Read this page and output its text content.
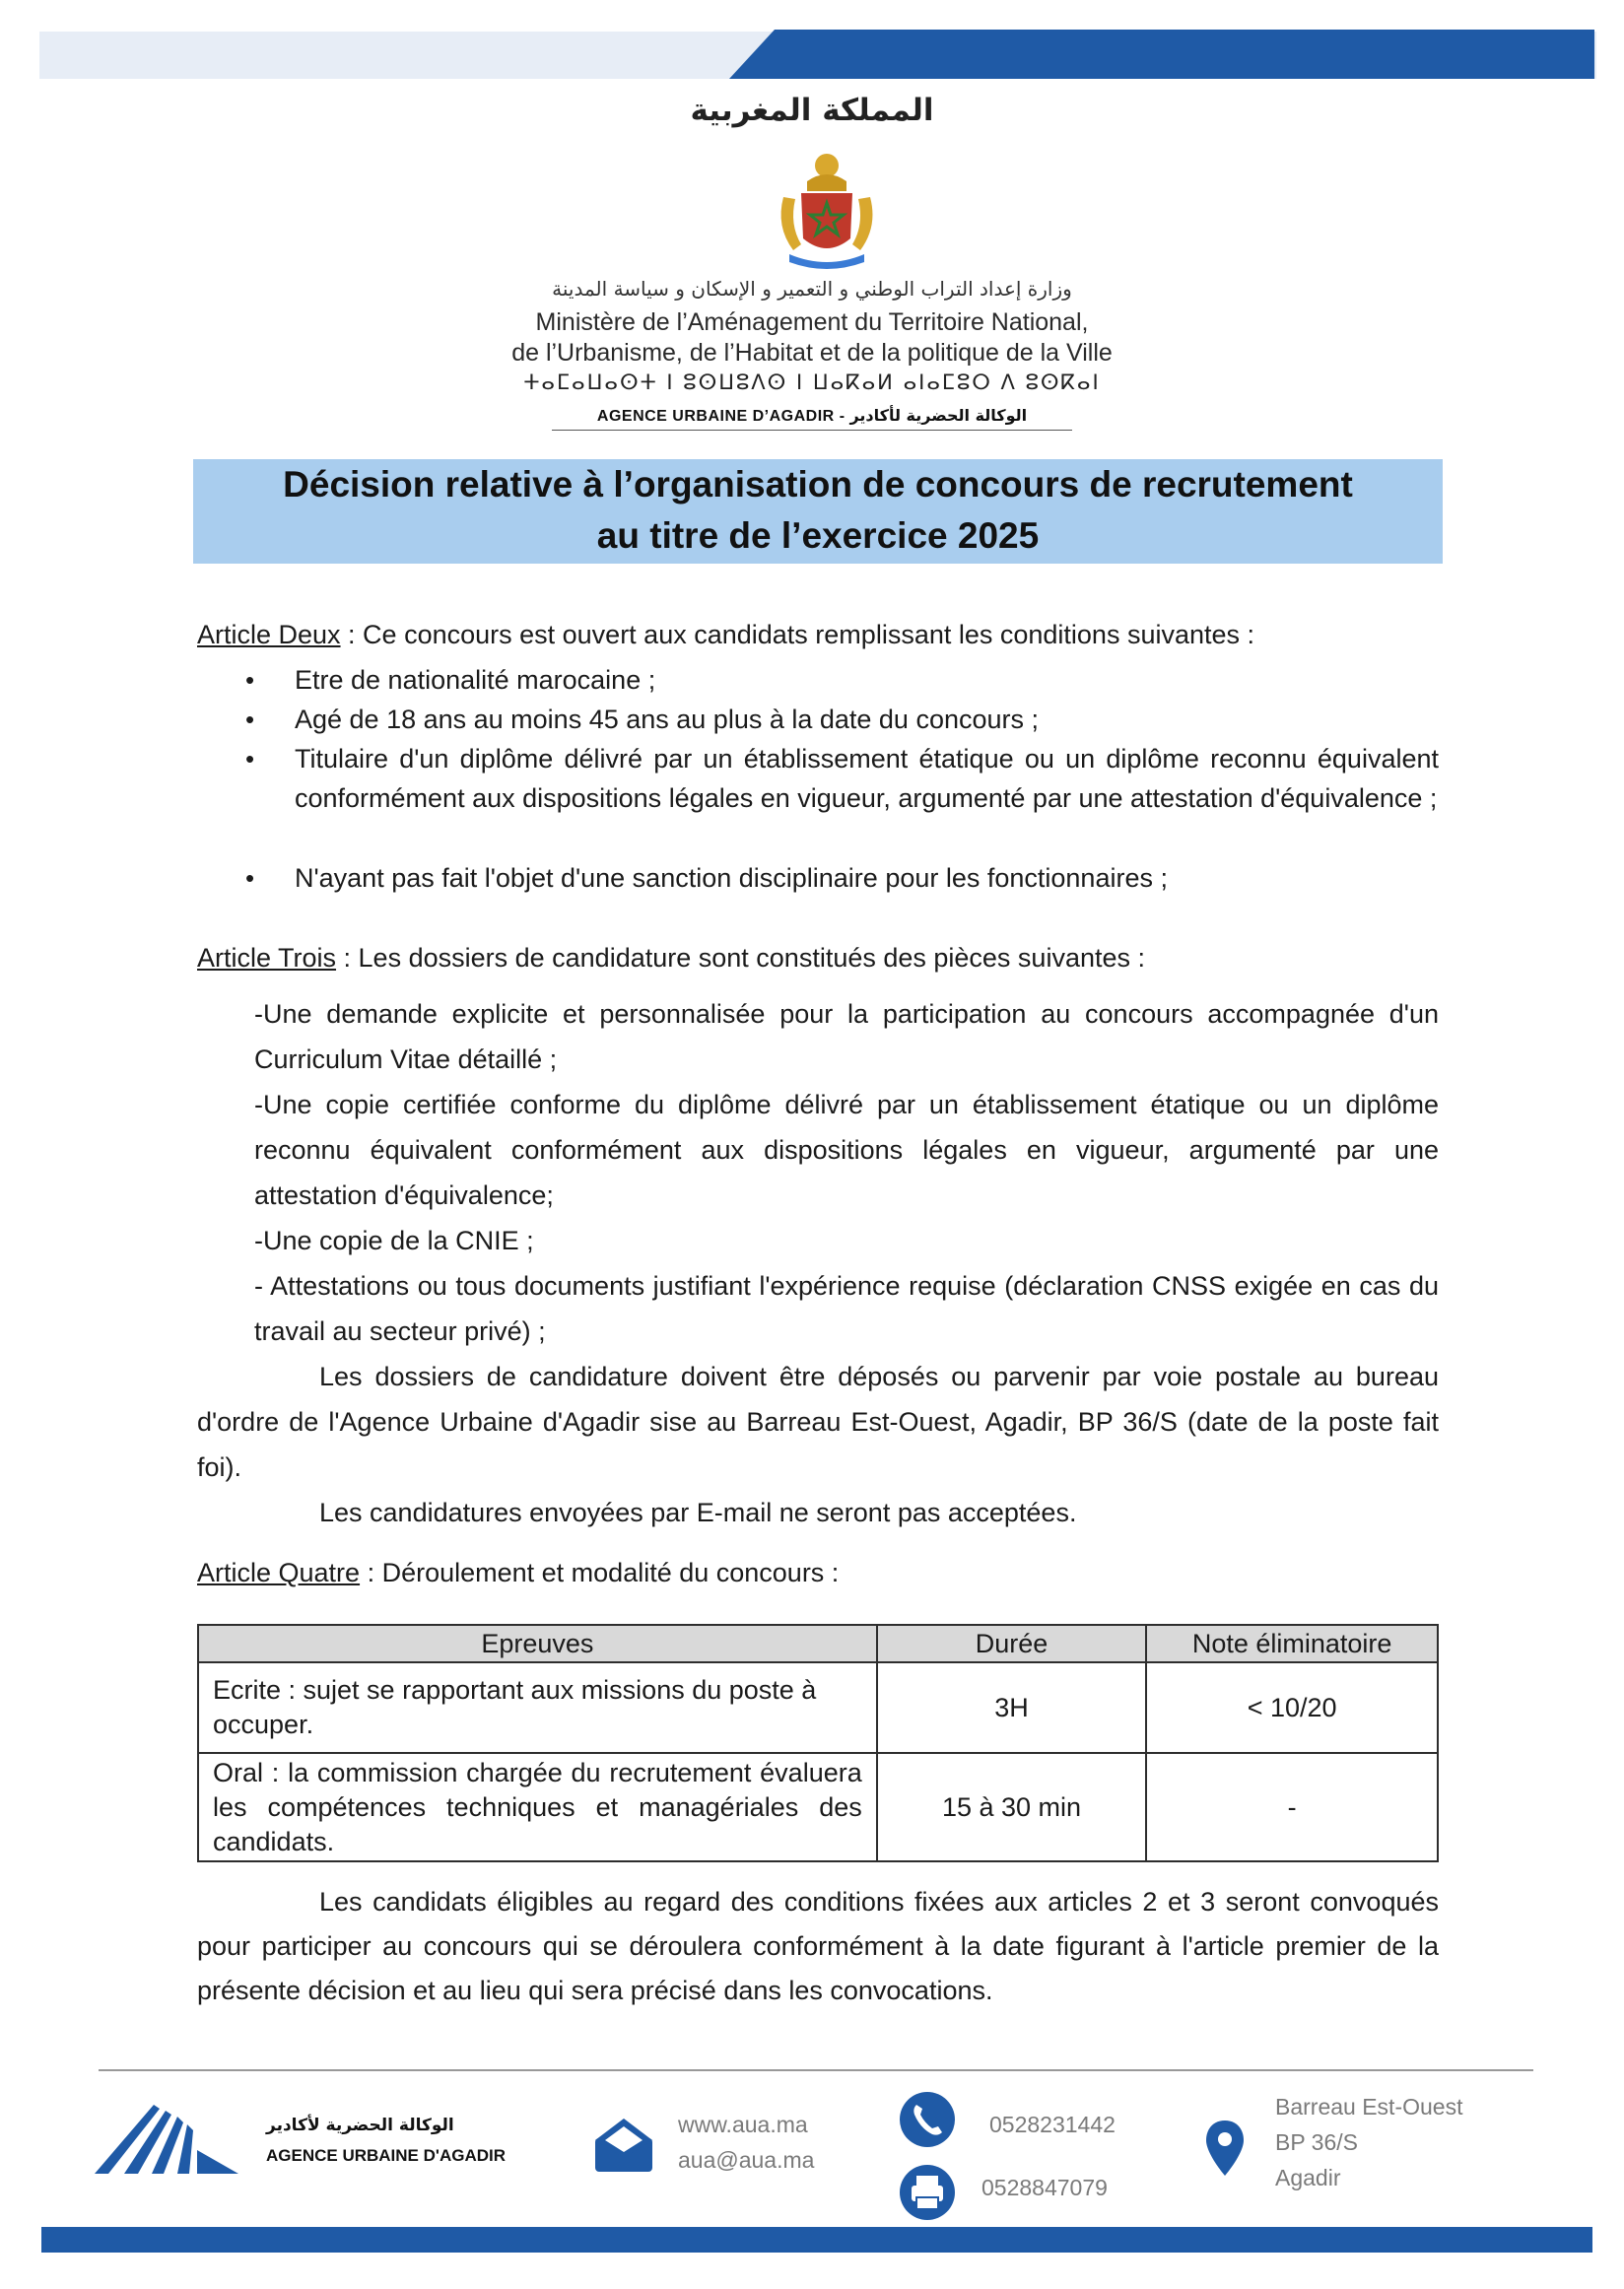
المملكة المغربية
وزارة إعداد التراب الوطني و التعمير و الإسكان و سياسة المدينة
Ministère de l’Aménagement du Territoire National,
de l’Urbanisme, de l’Habitat et de la politique de la Ville
ⵜⴰⵎⴰⵡⴰⵙⵜ ⵏ ⵓⵙⵡⵓⴷⵙ ⵏ ⵡⴰⴽⴰⵍ ⴰⵏⴰⵎⵓⵔ ⴷ ⵓⵙⴽⴰⵏ
AGENCE URBAINE D’AGADIR - الوكالة الحضرية لأكادير
Décision relative à l’organisation de concours de recrutement
au titre de l’exercice 2025
Article Deux : Ce concours est ouvert aux candidats remplissant les conditions suivantes :
• Etre de nationalité marocaine ;
• Agé de 18 ans au moins 45 ans au plus à la date du concours ;
• Titulaire d'un diplôme délivré par un établissement étatique ou un diplôme reconnu équivalent conformément aux dispositions légales en vigueur, argumenté par une attestation d'équivalence ;
• N'ayant pas fait l'objet d'une sanction disciplinaire pour les fonctionnaires ;
Article Trois : Les dossiers de candidature sont constitués des pièces suivantes :
-Une demande explicite et personnalisée pour la participation au concours accompagnée d'un Curriculum Vitae détaillé ;
-Une copie certifiée conforme du diplôme délivré par un établissement étatique ou un diplôme reconnu équivalent conformément aux dispositions légales en vigueur, argumenté par une attestation d'équivalence;
-Une copie de la CNIE ;
- Attestations ou tous documents justifiant l'expérience requise (déclaration CNSS exigée en cas du travail au secteur privé) ;
Les dossiers de candidature doivent être déposés ou parvenir par voie postale au bureau d'ordre de l'Agence Urbaine d'Agadir sise au Barreau Est-Ouest, Agadir, BP 36/S (date de la poste fait foi).
Les candidatures envoyées par E-mail ne seront pas acceptées.
Article Quatre : Déroulement et modalité du concours :
Epreuves	Durée	Note éliminatoire
Ecrite : sujet se rapportant aux missions du poste à occuper.	3H	< 10/20
Oral : la commission chargée du recrutement évaluera les compétences techniques et managériales des candidats.	15 à 30 min	-
Les candidats éligibles au regard des conditions fixées aux articles 2 et 3 seront convoqués pour participer au concours qui se déroulera conformément à la date figurant à l'article premier de la présente décision et au lieu qui sera précisé dans les convocations.
الوكالة الحضرية لأكادير
AGENCE URBAINE D'AGADIR
www.aua.ma
aua@aua.ma
0528231442
0528847079
Barreau Est-Ouest
BP 36/S
Agadir
